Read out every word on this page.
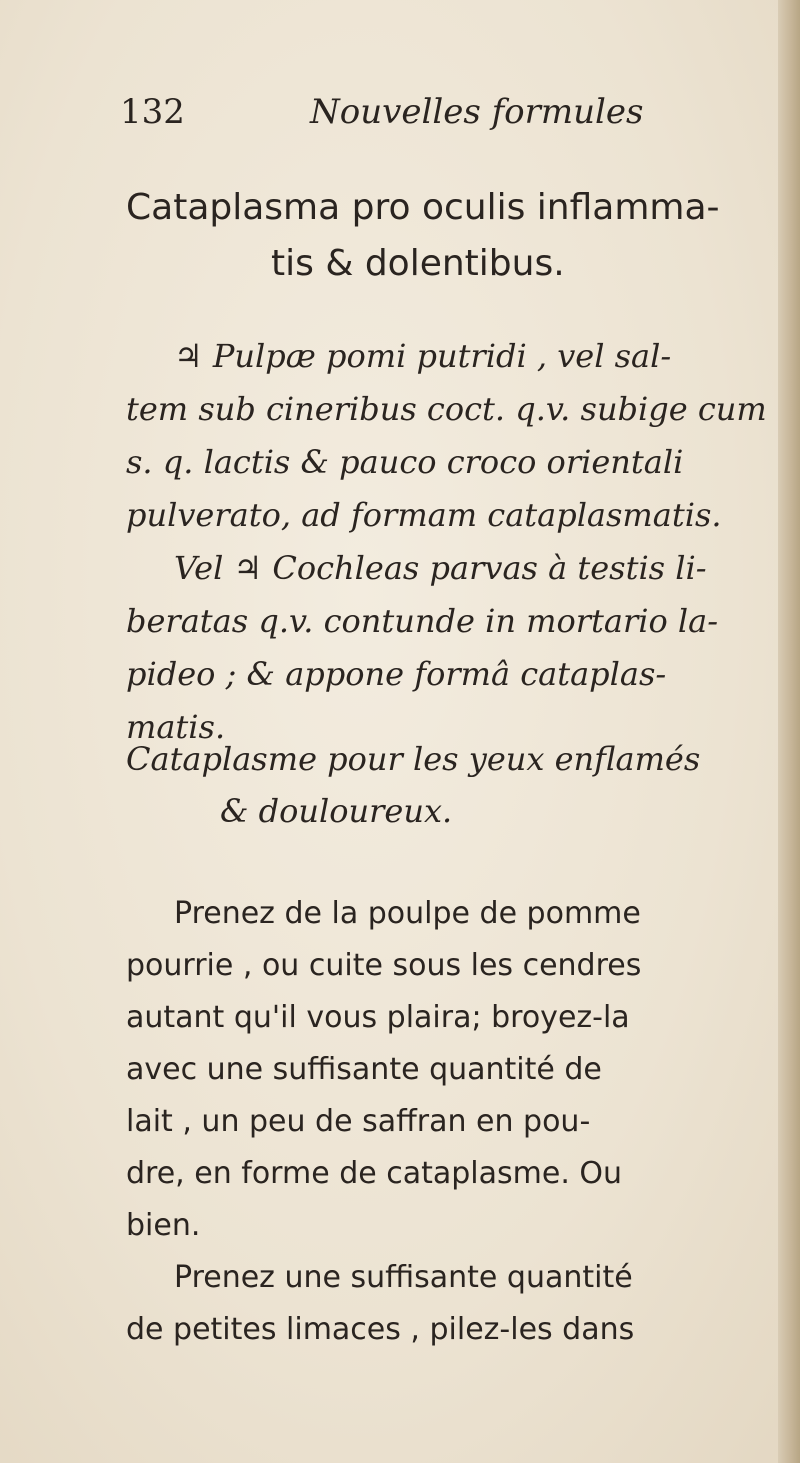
132	Nouvelles formules
Cataplasma pro oculis inflamma-
tis & dolentibus.
♃ Pulpæ pomi putridi , vel sal-
tem sub cineribus coct. q.v. subige cum
s. q. lactis & pauco croco orientali
pulverato, ad formam cataplasmatis.
Vel ♃ Cochleas parvas à testis li-
beratas q.v. contunde in mortario la-
pideo ; & appone formâ cataplas-
matis.
Cataplasme pour les yeux enflamés
& douloureux.
Prenez de la poulpe de pomme
pourrie , ou cuite sous les cendres
autant qu'il vous plaira; broyez-la
avec une suffisante quantité de
lait , un peu de saffran en pou-
dre, en forme de cataplasme. Ou
bien.
Prenez une suffisante quantité
de petites limaces , pilez-les dans
